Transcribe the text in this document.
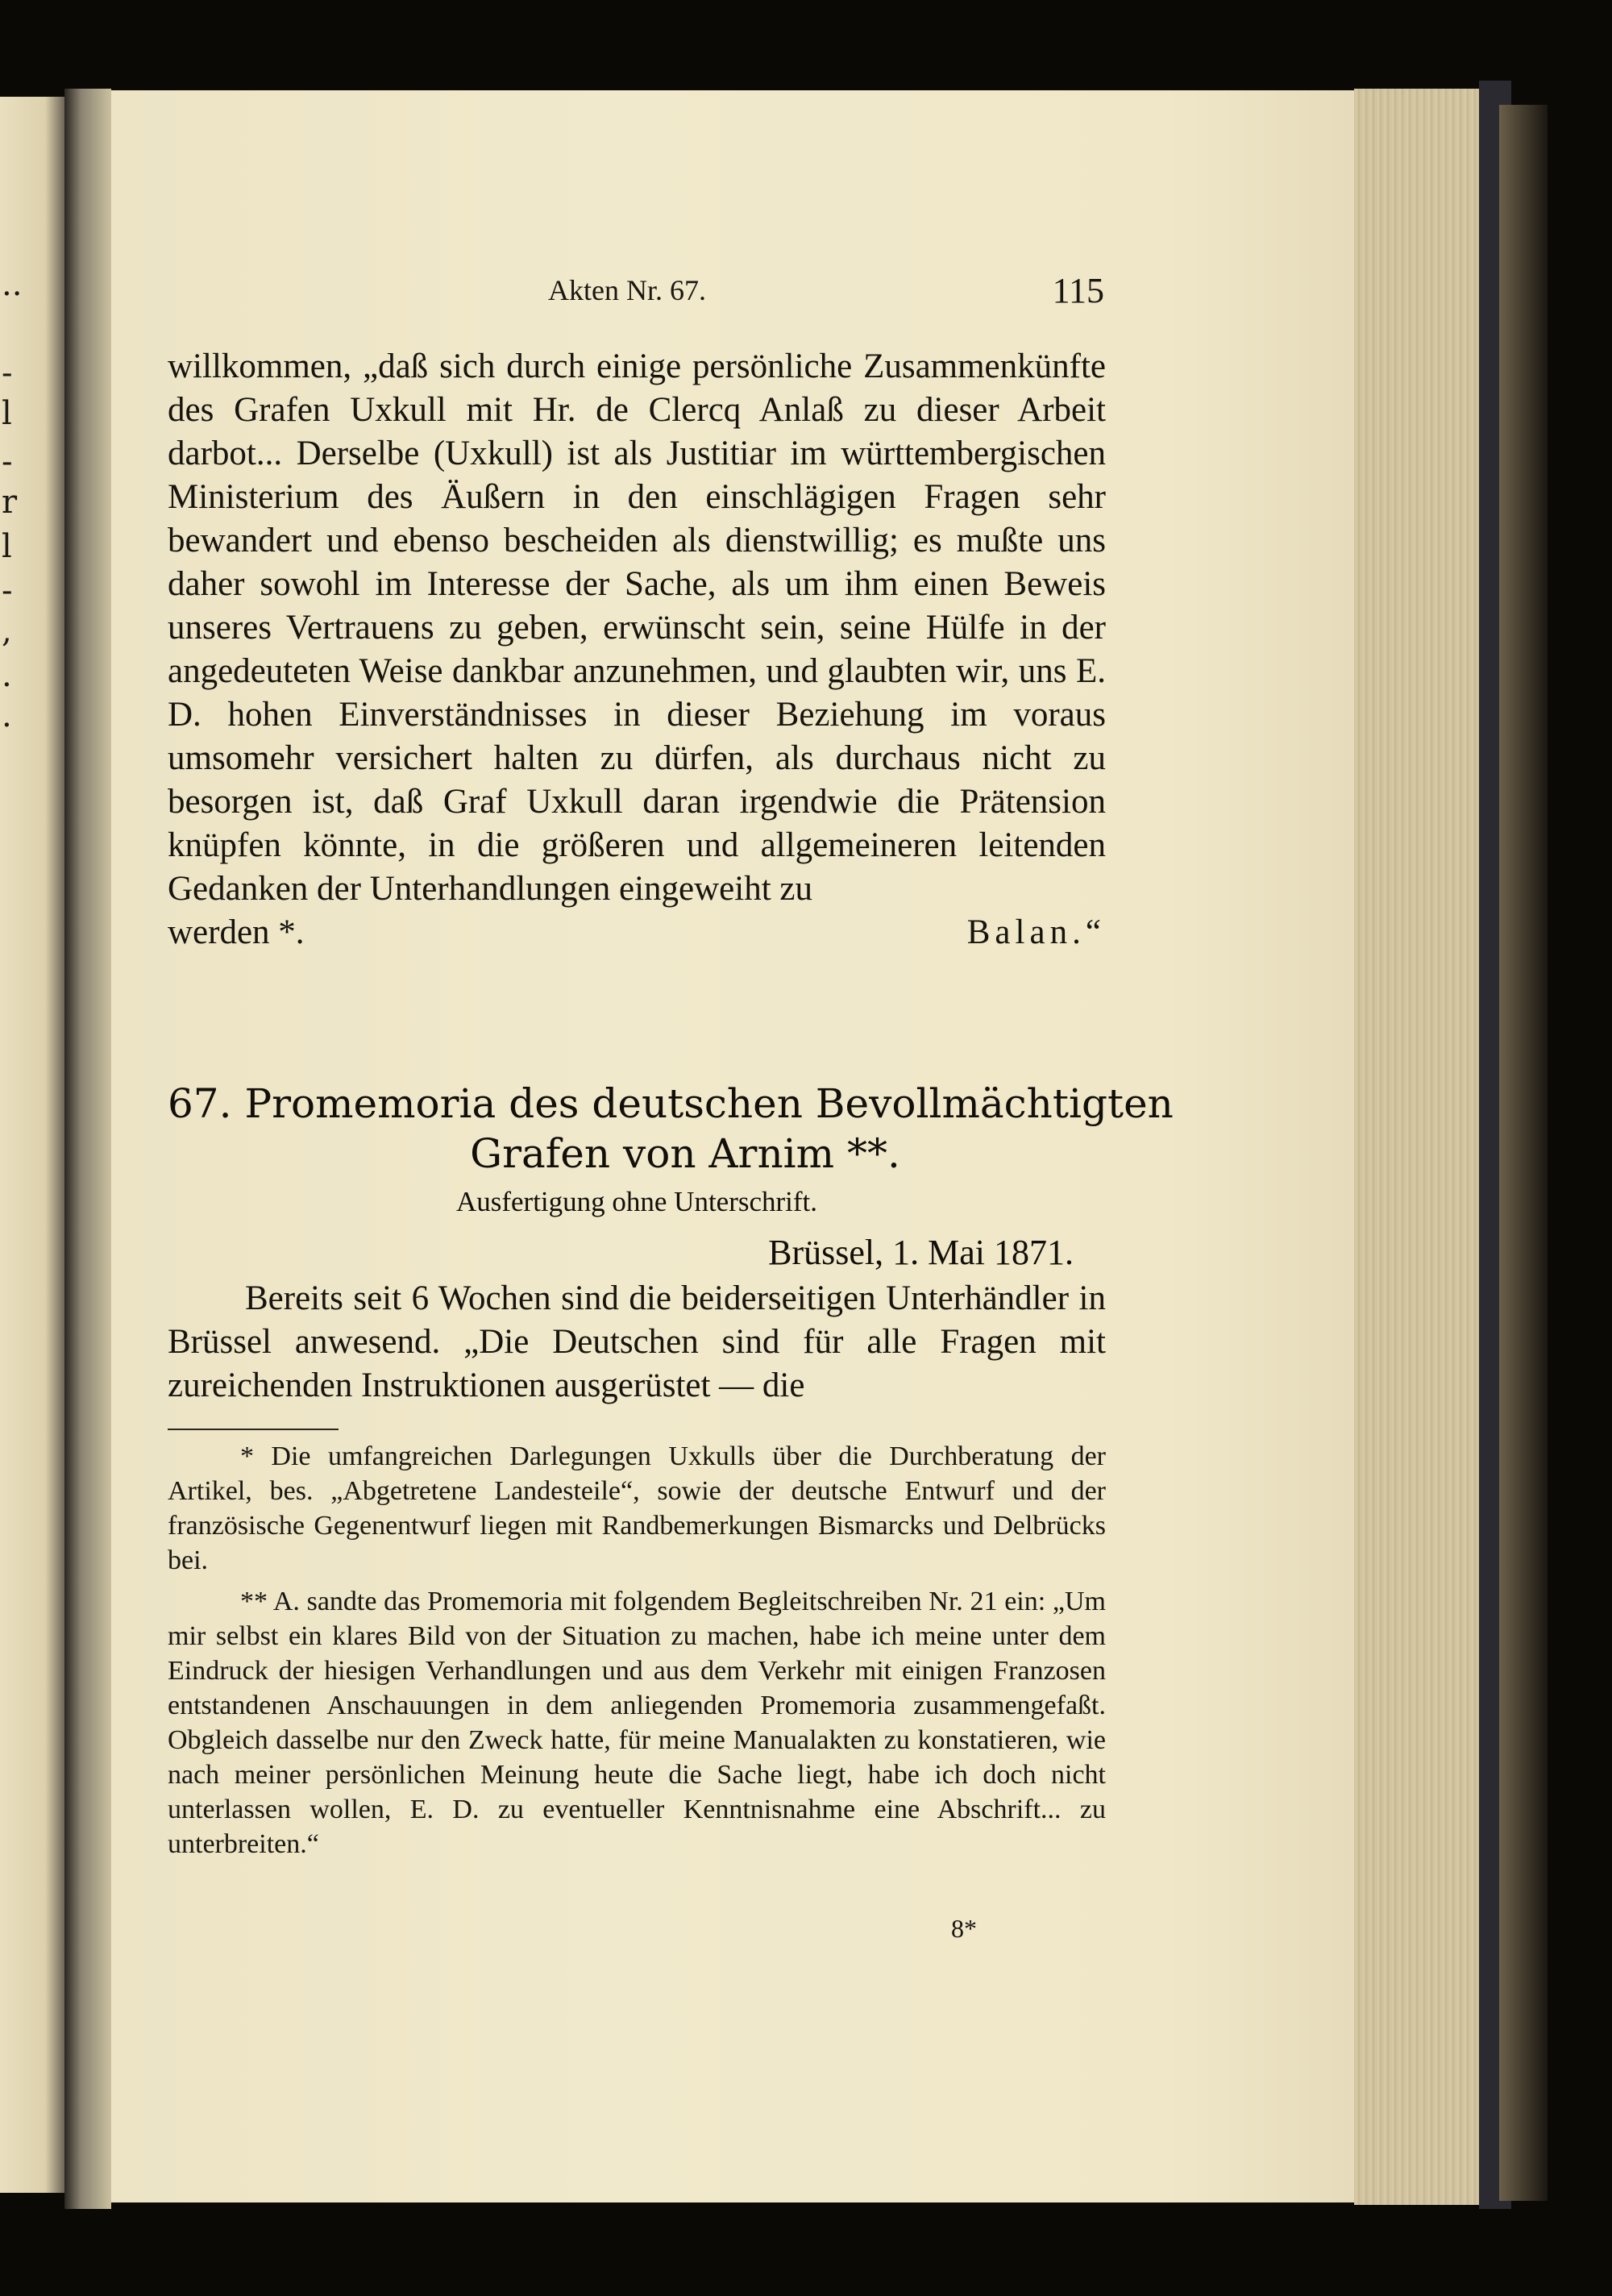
..
-
l
-
r
l
-
,
.
.
Akten Nr. 67.	115

willkommen, „daß sich durch einige persönliche Zusammenkünfte des Grafen Uxkull mit Hr. de Clercq Anlaß zu dieser Arbeit darbot... Derselbe (Uxkull) ist als Justitiar im württembergischen Ministerium des Äußern in den einschlägigen Fragen sehr bewandert und ebenso bescheiden als dienstwillig; es mußte uns daher sowohl im Interesse der Sache, als um ihm einen Beweis unseres Vertrauens zu geben, erwünscht sein, seine Hülfe in der angedeuteten Weise dankbar anzunehmen, und glaubten wir, uns E. D. hohen Einverständnisses in dieser Beziehung im voraus umsomehr versichert halten zu dürfen, als durchaus nicht zu besorgen ist, daß Graf Uxkull daran irgendwie die Prätension knüpfen könnte, in die größeren und allgemeineren leitenden Gedanken der Unterhandlungen eingeweiht zu

werden *.	Balan.“
67. Promemoria des deutschen Bevollmächtigten
Grafen von Arnim **.
Ausfertigung ohne Unterschrift.
Brüssel, 1. Mai 1871.
Bereits seit 6 Wochen sind die beiderseitigen Unterhändler in Brüssel anwesend. „Die Deutschen sind für alle Fragen mit zureichenden Instruktionen ausgerüstet — die

* Die umfangreichen Darlegungen Uxkulls über die Durchberatung der Artikel, bes. „Abgetretene Landesteile“, sowie der deutsche Entwurf und der französische Gegenentwurf liegen mit Randbemerkungen Bismarcks und Delbrücks bei.

** A. sandte das Promemoria mit folgendem Begleitschreiben Nr. 21 ein: „Um mir selbst ein klares Bild von der Situation zu machen, habe ich meine unter dem Eindruck der hiesigen Verhandlungen und aus dem Verkehr mit einigen Franzosen entstandenen Anschauungen in dem anliegenden Promemoria zusammengefaßt. Obgleich dasselbe nur den Zweck hatte, für meine Manualakten zu konstatieren, wie nach meiner persönlichen Meinung heute die Sache liegt, habe ich doch nicht unterlassen wollen, E. D. zu eventueller Kenntnisnahme eine Abschrift... zu unterbreiten.“

8*
